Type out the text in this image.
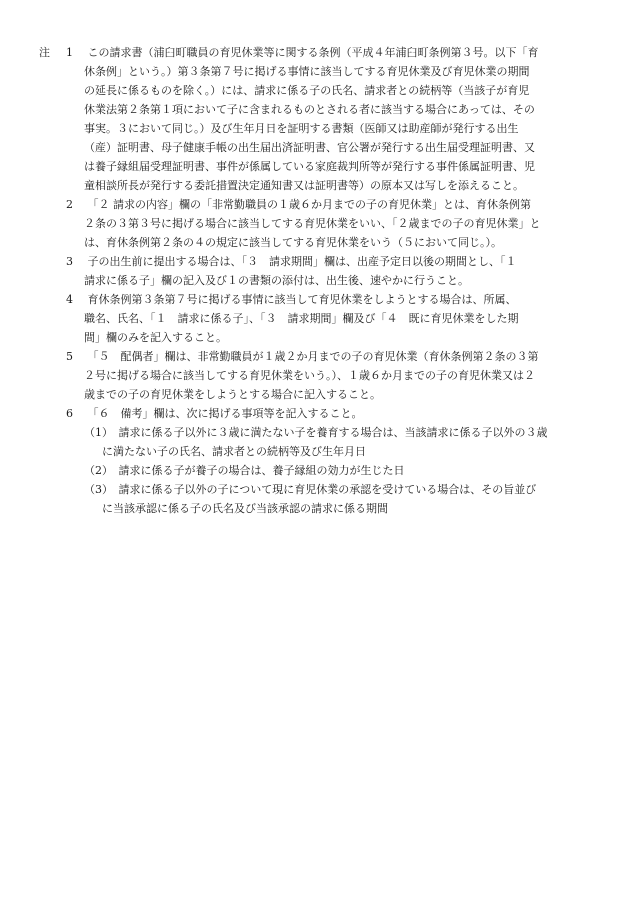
注 1　 この請求書（浦臼町職員の育児休業等に関する条例（平成４年浦臼町条例第３号。以下「育
休条例」という。）第３条第７号に掲げる事情に該当してする育児休業及び育児休業の期間
の延長に係るものを除く。）には、請求に係る子の氏名、請求者との続柄等（当該子が育児
休業法第２条第１項において子に含まれるものとされる者に該当する場合にあっては、その
事実。３において同じ。）及び生年月日を証明する書類（医師又は助産師が発行する出生
（産）証明書、母子健康手帳の出生届出済証明書、官公署が発行する出生届受理証明書、又
は養子縁組届受理証明書、事件が係属している家庭裁判所等が発行する事件係属証明書、児
童相談所長が発行する委託措置決定通知書又は証明書等）の原本又は写しを添えること。
2　 「２ 請求の内容」欄の「非常勤職員の１歳６か月までの子の育児休業」とは、育休条例第
２条の３第３号に掲げる場合に該当してする育児休業をいい、「２歳までの子の育児休業」と
は、育休条例第２条の４の規定に該当してする育児休業をいう（５において同じ。）。
3　 子の出生前に提出する場合は、「３　請求期間」欄は、出産予定日以後の期間とし、「１
請求に係る子」欄の記入及び１の書類の添付は、出生後、速やかに行うこと。
4　 育休条例第３条第７号に掲げる事情に該当して育児休業をしようとする場合は、所属、
職名、氏名、「１　請求に係る子」、「３　請求期間」欄及び「４　既に育児休業をした期
間」欄のみを記入すること。
5　 「５　配偶者」欄は、非常勤職員が１歳２か月までの子の育児休業（育休条例第２条の３第
２号に掲げる場合に該当してする育児休業をいう。）、１歳６か月までの子の育児休業又は２
歳までの子の育児休業をしようとする場合に記入すること。
6　 「６　備考」欄は、次に掲げる事項等を記入すること。
（1）　請求に係る子以外に３歳に満たない子を養育する場合は、当該請求に係る子以外の３歳
に満たない子の氏名、請求者との続柄等及び生年月日
（2）　請求に係る子が養子の場合は、養子縁組の効力が生じた日
（3）　請求に係る子以外の子について現に育児休業の承認を受けている場合は、その旨並び
に当該承認に係る子の氏名及び当該承認の請求に係る期間
